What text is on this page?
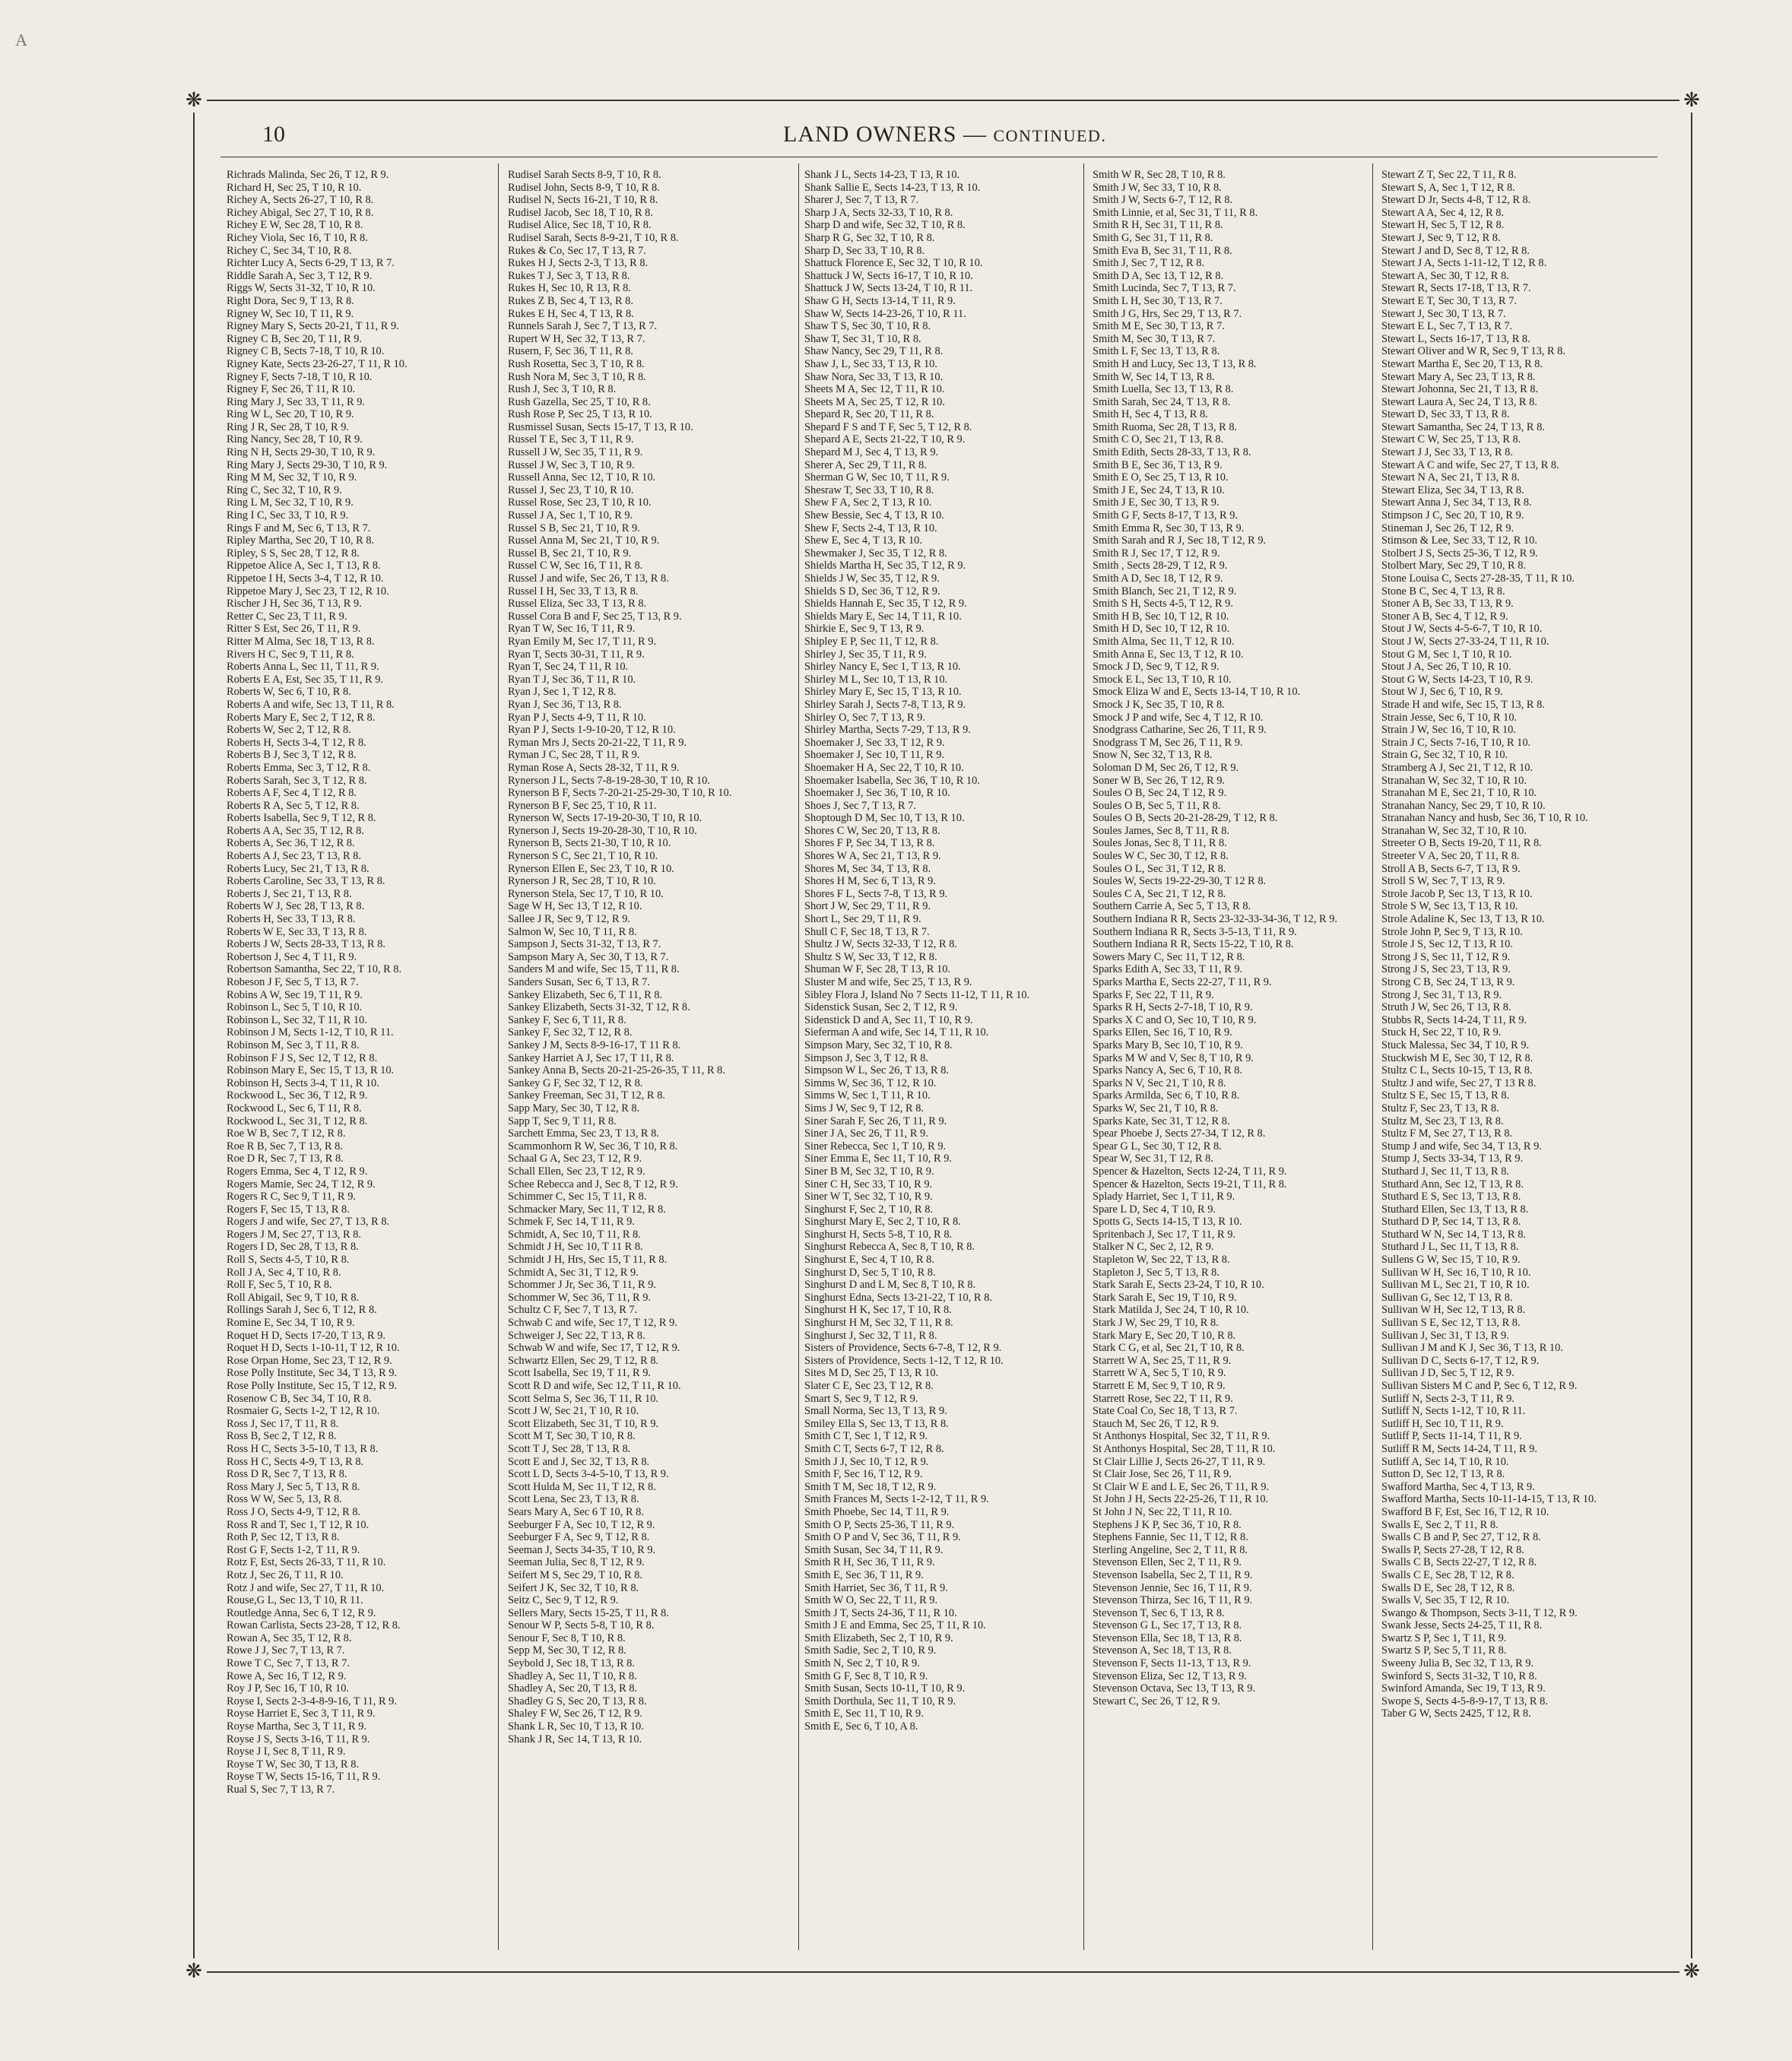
A
❋	❋
❋	❋
10	LAND OWNERS — CONTINUED.
Richrads Malinda, Sec 26, T 12, R 9.
Richard H, Sec 25, T 10, R 10.
Richey A, Sects 26-27, T 10, R 8.
Richey Abigal, Sec 27, T 10, R 8.
Richey E W, Sec 28, T 10, R 8.
Richey Viola, Sec 16, T 10, R 8.
Richey C, Sec 34, T 10, R 8.
Richter Lucy A, Sects 6-29, T 13, R 7.
Riddle Sarah A, Sec 3, T 12, R 9.
Riggs W, Sects 31-32, T 10, R 10.
Right Dora, Sec 9, T 13, R 8.
Rigney W, Sec 10, T 11, R 9.
Rigney Mary S, Sects 20-21, T 11, R 9.
Rigney C B, Sec 20, T 11, R 9.
Rigney C B, Sects 7-18, T 10, R 10.
Rigney Kate, Sects 23-26-27, T 11, R 10.
Rigney F, Sects 7-18, T 10, R 10.
Rigney F, Sec 26, T 11, R 10.
Ring Mary J, Sec 33, T 11, R 9.
Ring W L, Sec 20, T 10, R 9.
Ring J R, Sec 28, T 10, R 9.
Ring Nancy, Sec 28, T 10, R 9.
Ring N H, Sects 29-30, T 10, R 9.
Ring Mary J, Sects 29-30, T 10, R 9.
Ring M M, Sec 32, T 10, R 9.
Ring C, Sec 32, T 10, R 9.
Ring L M, Sec 32, T 10, R 9.
Ring I C, Sec 33, T 10, R 9.
Rings F and M, Sec 6, T 13, R 7.
Ripley Martha, Sec 20, T 10, R 8.
Ripley, S S, Sec 28, T 12, R 8.
Rippetoe Alice A, Sec 1, T 13, R 8.
Rippetoe I H, Sects 3-4, T 12, R 10.
Rippetoe Mary J, Sec 23, T 12, R 10.
Rischer J H, Sec 36, T 13, R 9.
Retter C, Sec 23, T 11, R 9.
Ritter S Est, Sec 26, T 11, R 9.
Ritter M Alma, Sec 18, T 13, R 8.
Rivers H C, Sec 9, T 11, R 8.
Roberts Anna L, Sec 11, T 11, R 9.
Roberts E A, Est, Sec 35, T 11, R 9.
Roberts W, Sec 6, T 10, R 8.
Roberts A and wife, Sec 13, T 11, R 8.
Roberts Mary E, Sec 2, T 12, R 8.
Roberts W, Sec 2, T 12, R 8.
Roberts H, Sects 3-4, T 12, R 8.
Roberts B J, Sec 3, T 12, R 8.
Roberts Emma, Sec 3, T 12, R 8.
Roberts Sarah, Sec 3, T 12, R 8.
Roberts A F, Sec 4, T 12, R 8.
Roberts R A, Sec 5, T 12, R 8.
Roberts Isabella, Sec 9, T 12, R 8.
Roberts A A, Sec 35, T 12, R 8.
Roberts A, Sec 36, T 12, R 8.
Roberts A J, Sec 23, T 13, R 8.
Roberts Lucy, Sec 21, T 13, R 8.
Roberts Caroline, Sec 33, T 13, R 8.
Roberts J, Sec 21, T 13, R 8.
Roberts W J, Sec 28, T 13, R 8.
Roberts H, Sec 33, T 13, R 8.
Roberts W E, Sec 33, T 13, R 8.
Roberts J W, Sects 28-33, T 13, R 8.
Robertson J, Sec 4, T 11, R 9.
Robertson Samantha, Sec 22, T 10, R 8.
Robeson J F, Sec 5, T 13, R 7.
Robins A W, Sec 19, T 11, R 9.
Robinson L, Sec 5, T 10, R 10.
Robinson L, Sec 32, T 11, R 10.
Robinson J M, Sects 1-12, T 10, R 11.
Robinson M, Sec 3, T 11, R 8.
Robinson F J S, Sec 12, T 12, R 8.
Robinson Mary E, Sec 15, T 13, R 10.
Robinson H, Sects 3-4, T 11, R 10.
Rockwood L, Sec 36, T 12, R 9.
Rockwood L, Sec 6, T 11, R 8.
Rockwood L, Sec 31, T 12, R 8.
Roe W B, Sec 7, T 12, R 8.
Roe R B, Sec 7, T 13, R 8.
Roe D R, Sec 7, T 13, R 8.
Rogers Emma, Sec 4, T 12, R 9.
Rogers Mamie, Sec 24, T 12, R 9.
Rogers R C, Sec 9, T 11, R 9.
Rogers F, Sec 15, T 13, R 8.
Rogers J and wife, Sec 27, T 13, R 8.
Rogers J M, Sec 27, T 13, R 8.
Rogers I D, Sec 28, T 13, R 8.
Roll S, Sects 4-5, T 10, R 8.
Roll J A, Sec 4, T 10, R 8.
Roll F, Sec 5, T 10, R 8.
Roll Abigail, Sec 9, T 10, R 8.
Rollings Sarah J, Sec 6, T 12, R 8.
Romine E, Sec 34, T 10, R 9.
Roquet H D, Sects 17-20, T 13, R 9.
Roquet H D, Sects 1-10-11, T 12, R 10.
Rose Orpan Home, Sec 23, T 12, R 9.
Rose Polly Institute, Sec 34, T 13, R 9.
Rose Polly Institute, Sec 15, T 12, R 9.
Rosenow C B, Sec 34, T 10, R 8.
Rosmaier G, Sects 1-2, T 12, R 10.
Ross J, Sec 17, T 11, R 8.
Ross B, Sec 2, T 12, R 8.
Ross H C, Sects 3-5-10, T 13, R 8.
Ross H C, Sects 4-9, T 13, R 8.
Ross D R, Sec 7, T 13, R 8.
Ross Mary J, Sec 5, T 13, R 8.
Ross W W, Sec 5, 13, R 8.
Ross J O, Sects 4-9, T 12, R 8.
Ross R and T, Sec 1, T 12, R 10.
Roth P, Sec 12, T 13, R 8.
Rost G F, Sects 1-2, T 11, R 9.
Rotz F, Est, Sects 26-33, T 11, R 10.
Rotz J, Sec 26, T 11, R 10.
Rotz J and wife, Sec 27, T 11, R 10.
Rouse,G L, Sec 13, T 10, R 11.
Routledge Anna, Sec 6, T 12, R 9.
Rowan Carlista, Sects 23-28, T 12, R 8.
Rowan A, Sec 35, T 12, R 8.
Rowe J J, Sec 7, T 13, R 7.
Rowe T C, Sec 7, T 13, R 7.
Rowe A, Sec 16, T 12, R 9.
Roy J P, Sec 16, T 10, R 10.
Royse I, Sects 2-3-4-8-9-16, T 11, R 9.
Royse Harriet E, Sec 3, T 11, R 9.
Royse Martha, Sec 3, T 11, R 9.
Royse J S, Sects 3-16, T 11, R 9.
Royse J I, Sec 8, T 11, R 9.
Royse T W, Sec 30, T 13, R 8.
Royse T W, Sects 15-16, T 11, R 9.
Rual S, Sec 7, T 13, R 7.
Rudisel Sarah Sects 8-9, T 10, R 8.
Rudisel John, Sects 8-9, T 10, R 8.
Rudisel N, Sects 16-21, T 10, R 8.
Rudisel Jacob, Sec 18, T 10, R 8.
Rudisel Alice, Sec 18, T 10, R 8.
Rudisel Sarah, Sects 8-9-21, T 10, R 8.
Rukes & Co, Sec 17, T 13, R 7.
Rukes H J, Sects 2-3, T 13, R 8.
Rukes T J, Sec 3, T 13, R 8.
Rukes H, Sec 10, R 13, R 8.
Rukes Z B, Sec 4, T 13, R 8.
Rukes E H, Sec 4, T 13, R 8.
Runnels Sarah J, Sec 7, T 13, R 7.
Rupert W H, Sec 32, T 13, R 7.
Rusern, F, Sec 36, T 11, R 8.
Rush Rosetta, Sec 3, T 10, R 8.
Rush Nora M, Sec 3, T 10, R 8.
Rush J, Sec 3, T 10, R 8.
Rush Gazella, Sec 25, T 10, R 8.
Rush Rose P, Sec 25, T 13, R 10.
Rusmissel Susan, Sects 15-17, T 13, R 10.
Russel T E, Sec 3, T 11, R 9.
Russell J W, Sec 35, T 11, R 9.
Russel J W, Sec 3, T 10, R 9.
Russell Anna, Sec 12, T 10, R 10.
Russel J, Sec 23, T 10, R 10.
Russel Rose, Sec 23, T 10, R 10.
Russel J A, Sec 1, T 10, R 9.
Russel S B, Sec 21, T 10, R 9.
Russel Anna M, Sec 21, T 10, R 9.
Russel B, Sec 21, T 10, R 9.
Russel C W, Sec 16, T 11, R 8.
Russel J and wife, Sec 26, T 13, R 8.
Russel I H, Sec 33, T 13, R 8.
Russel Eliza, Sec 33, T 13, R 8.
Russel Cora B and F, Sec 25, T 13, R 9.
Ryan T W, Sec 16, T 11, R 9.
Ryan Emily M, Sec 17, T 11, R 9.
Ryan T, Sects 30-31, T 11, R 9.
Ryan T, Sec 24, T 11, R 10.
Ryan T J, Sec 36, T 11, R 10.
Ryan J, Sec 1, T 12, R 8.
Ryan J, Sec 36, T 13, R 8.
Ryan P J, Sects 4-9, T 11, R 10.
Ryan P J, Sects 1-9-10-20, T 12, R 10.
Ryman Mrs J, Sects 20-21-22, T 11, R 9.
Ryman J C, Sec 28, T 11, R 9.
Ryman Rose A, Sects 28-32, T 11, R 9.
Rynerson J L, Sects 7-8-19-28-30, T 10, R 10.
Rynerson B F, Sects 7-20-21-25-29-30, T 10, R 10.
Rynerson B F, Sec 25, T 10, R 11.
Rynerson W, Sects 17-19-20-30, T 10, R 10.
Rynerson J, Sects 19-20-28-30, T 10, R 10.
Rynerson B, Sects 21-30, T 10, R 10.
Rynerson S C, Sec 21, T 10, R 10.
Rynerson Ellen E, Sec 23, T 10, R 10.
Rynerson J R, Sec 28, T 10, R 10.
Rynerson Stela, Sec 17, T 10, R 10.
Sage W H, Sec 13, T 12, R 10.
Sallee J R, Sec 9, T 12, R 9.
Salmon W, Sec 10, T 11, R 8.
Sampson J, Sects 31-32, T 13, R 7.
Sampson Mary A, Sec 30, T 13, R 7.
Sanders M and wife, Sec 15, T 11, R 8.
Sanders Susan, Sec 6, T 13, R 7.
Sankey Elizabeth, Sec 6, T 11, R 8.
Sankey Elizabeth, Sects 31-32, T 12, R 8.
Sankey F, Sec 6, T 11, R 8.
Sankey F, Sec 32, T 12, R 8.
Sankey J M, Sects 8-9-16-17, T 11 R 8.
Sankey Harriet A J, Sec 17, T 11, R 8.
Sankey Anna B, Sects 20-21-25-26-35, T 11, R 8.
Sankey G F, Sec 32, T 12, R 8.
Sankey Freeman, Sec 31, T 12, R 8.
Sapp Mary, Sec 30, T 12, R 8.
Sapp T, Sec 9, T 11, R 8.
Sarchett Emma, Sec 23, T 13, R 8.
Scammonhorn R W, Sec 36, T 10, R 8.
Schaal G A, Sec 23, T 12, R 9.
Schall Ellen, Sec 23, T 12, R 9.
Schee Rebecca and J, Sec 8, T 12, R 9.
Schimmer C, Sec 15, T 11, R 8.
Schmacker Mary, Sec 11, T 12, R 8.
Schmek F, Sec 14, T 11, R 9.
Schmidt, A, Sec 10, T 11, R 8.
Schmidt J H, Sec 10, T 11 R 8.
Schmidt J H, Hrs, Sec 15, T 11, R 8.
Schmidt A, Sec 31, T 12, R 9.
Schommer J Jr, Sec 36, T 11, R 9.
Schommer W, Sec 36, T 11, R 9.
Schultz C F, Sec 7, T 13, R 7.
Schwab C and wife, Sec 17, T 12, R 9.
Schweiger J, Sec 22, T 13, R 8.
Schwab W and wife, Sec 17, T 12, R 9.
Schwartz Ellen, Sec 29, T 12, R 8.
Scott Isabella, Sec 19, T 11, R 9.
Scott R D and wife, Sec 12, T 11, R 10.
Scott Selma S, Sec 36, T 11, R 10.
Scott J W, Sec 21, T 10, R 10.
Scott Elizabeth, Sec 31, T 10, R 9.
Scott M T, Sec 30, T 10, R 8.
Scott T J, Sec 28, T 13, R 8.
Scott E and J, Sec 32, T 13, R 8.
Scott L D, Sects 3-4-5-10, T 13, R 9.
Scott Hulda M, Sec 11, T 12, R 8.
Scott Lena, Sec 23, T 13, R 8.
Sears Mary A, Sec 6 T 10, R 8.
Seeburger F A, Sec 10, T 12, R 9.
Seeburger F A, Sec 9, T 12, R 8.
Seeman J, Sects 34-35, T 10, R 9.
Seeman Julia, Sec 8, T 12, R 9.
Seifert M S, Sec 29, T 10, R 8.
Seifert J K, Sec 32, T 10, R 8.
Seitz C, Sec 9, T 12, R 9.
Sellers Mary, Sects 15-25, T 11, R 8.
Senour W P, Sects 5-8, T 10, R 8.
Senour F, Sec 8, T 10, R 8.
Sepp M, Sec 30, T 12, R 8.
Seybold J, Sec 18, T 13, R 8.
Shadley A, Sec 11, T 10, R 8.
Shadley A, Sec 20, T 13, R 8.
Shadley G S, Sec 20, T 13, R 8.
Shaley F W, Sec 26, T 12, R 9.
Shank L R, Sec 10, T 13, R 10.
Shank J R, Sec 14, T 13, R 10.
Shank J L, Sects 14-23, T 13, R 10.
Shank Sallie E, Sects 14-23, T 13, R 10.
Sharer J, Sec 7, T 13, R 7.
Sharp J A, Sects 32-33, T 10, R 8.
Sharp D and wife, Sec 32, T 10, R 8.
Sharp R G, Sec 32, T 10, R 8.
Sharp D, Sec 33, T 10, R 8.
Shattuck Florence E, Sec 32, T 10, R 10.
Shattuck J W, Sects 16-17, T 10, R 10.
Shattuck J W, Sects 13-24, T 10, R 11.
Shaw G H, Sects 13-14, T 11, R 9.
Shaw W, Sects 14-23-26, T 10, R 11.
Shaw T S, Sec 30, T 10, R 8.
Shaw T, Sec 31, T 10, R 8.
Shaw Nancy, Sec 29, T 11, R 8.
Shaw J, L, Sec 33, T 13, R 10.
Shaw Nora, Sec 33, T 13, R 10.
Sheets M A, Sec 12, T 11, R 10.
Sheets M A, Sec 25, T 12, R 10.
Shepard R, Sec 20, T 11, R 8.
Shepard F S and T F, Sec 5, T 12, R 8.
Shepard A E, Sects 21-22, T 10, R 9.
Shepard M J, Sec 4, T 13, R 9.
Sherer A, Sec 29, T 11, R 8.
Sherman G W, Sec 10, T 11, R 9.
Shesraw T, Sec 33, T 10, R 8.
Shew F A, Sec 2, T 13, R 10.
Shew Bessie, Sec 4, T 13, R 10.
Shew F, Sects 2-4, T 13, R 10.
Shew E, Sec 4, T 13, R 10.
Shewmaker J, Sec 35, T 12, R 8.
Shields Martha H, Sec 35, T 12, R 9.
Shields J W, Sec 35, T 12, R 9.
Shields S D, Sec 36, T 12, R 9.
Shields Hannah E, Sec 35, T 12, R 9.
Shields Mary E, Sec 14, T 11, R 10.
Shirkie E, Sec 9, T 13, R 9.
Shipley E P, Sec 11, T 12, R 8.
Shirley J, Sec 35, T 11, R 9.
Shirley Nancy E, Sec 1, T 13, R 10.
Shirley M L, Sec 10, T 13, R 10.
Shirley Mary E, Sec 15, T 13, R 10.
Shirley Sarah J, Sects 7-8, T 13, R 9.
Shirley O, Sec 7, T 13, R 9.
Shirley Martha, Sects 7-29, T 13, R 9.
Shoemaker J, Sec 33, T 12, R 9.
Shoemaker J, Sec 10, T 11, R 9.
Shoemaker H A, Sec 22, T 10, R 10.
Shoemaker Isabella, Sec 36, T 10, R 10.
Shoemaker J, Sec 36, T 10, R 10.
Shoes J, Sec 7, T 13, R 7.
Shoptough D M, Sec 10, T 13, R 10.
Shores C W, Sec 20, T 13, R 8.
Shores F P, Sec 34, T 13, R 8.
Shores W A, Sec 21, T 13, R 9.
Shores M, Sec 34, T 13, R 8.
Shores H M, Sec 6, T 13, R 9.
Shores F L, Sects 7-8, T 13, R 9.
Short J W, Sec 29, T 11, R 9.
Short L, Sec 29, T 11, R 9.
Shull C F, Sec 18, T 13, R 7.
Shultz J W, Sects 32-33, T 12, R 8.
Shultz S W, Sec 33, T 12, R 8.
Shuman W F, Sec 28, T 13, R 10.
Sluster M and wife, Sec 25, T 13, R 9.
Sibley Flora J, Island No 7 Sects 11-12, T 11, R 10.
Sidenstick Susan, Sec 2, T 12, R 9.
Sidenstick D and A, Sec 11, T 10, R 9.
Sieferman A and wife, Sec 14, T 11, R 10.
Simpson Mary, Sec 32, T 10, R 8.
Simpson J, Sec 3, T 12, R 8.
Simpson W L, Sec 26, T 13, R 8.
Simms W, Sec 36, T 12, R 10.
Simms W, Sec 1, T 11, R 10.
Sims J W, Sec 9, T 12, R 8.
Siner Sarah F, Sec 26, T 11, R 9.
Siner J A, Sec 26, T 11, R 9.
Siner Rebecca, Sec 1, T 10, R 9.
Siner Emma E, Sec 11, T 10, R 9.
Siner B M, Sec 32, T 10, R 9.
Siner C H, Sec 33, T 10, R 9.
Siner W T, Sec 32, T 10, R 9.
Singhurst F, Sec 2, T 10, R 8.
Singhurst Mary E, Sec 2, T 10, R 8.
Singhurst H, Sects 5-8, T 10, R 8.
Singhurst Rebecca A, Sec 8, T 10, R 8.
Singhurst E, Sec 4, T 10, R 8.
Singhurst D, Sec 5, T 10, R 8.
Singhurst D and L M, Sec 8, T 10, R 8.
Singhurst Edna, Sects 13-21-22, T 10, R 8.
Singhurst H K, Sec 17, T 10, R 8.
Singhurst H M, Sec 32, T 11, R 8.
Singhurst J, Sec 32, T 11, R 8.
Sisters of Providence, Sects 6-7-8, T 12, R 9.
Sisters of Providence, Sects 1-12, T 12, R 10.
Sites M D, Sec 25, T 13, R 10.
Slater C E, Sec 23, T 12, R 8.
Smart S, Sec 9, T 12, R 9.
Small Norma, Sec 13, T 13, R 9.
Smiley Ella S, Sec 13, T 13, R 8.
Smith C T, Sec 1, T 12, R 9.
Smith C T, Sects 6-7, T 12, R 8.
Smith J J, Sec 10, T 12, R 9.
Smith F, Sec 16, T 12, R 9.
Smith T M, Sec 18, T 12, R 9.
Smith Frances M, Sects 1-2-12, T 11, R 9.
Smith Phoebe, Sec 14, T 11, R 9.
Smith O P, Sects 25-36, T 11, R 9.
Smith O P and V, Sec 36, T 11, R 9.
Smith Susan, Sec 34, T 11, R 9.
Smith R H, Sec 36, T 11, R 9.
Smith E, Sec 36, T 11, R 9.
Smith Harriet, Sec 36, T 11, R 9.
Smith W O, Sec 22, T 11, R 9.
Smith J T, Sects 24-36, T 11, R 10.
Smith J E and Emma, Sec 25, T 11, R 10.
Smith Elizabeth, Sec 2, T 10, R 9.
Smith Sadie, Sec 2, T 10, R 9.
Smith N, Sec 2, T 10, R 9.
Smith G F, Sec 8, T 10, R 9.
Smith Susan, Sects 10-11, T 10, R 9.
Smith Dorthula, Sec 11, T 10, R 9.
Smith E, Sec 11, T 10, R 9.
Smith E, Sec 6, T 10, A 8.
Smith W R, Sec 28, T 10, R 8.
Smith J W, Sec 33, T 10, R 8.
Smith J W, Sects 6-7, T 12, R 8.
Smith Linnie, et al, Sec 31, T 11, R 8.
Smith R H, Sec 31, T 11, R 8.
Smith G, Sec 31, T 11, R 8.
Smith Eva B, Sec 31, T 11, R 8.
Smith J, Sec 7, T 12, R 8.
Smith D A, Sec 13, T 12, R 8.
Smith Lucinda, Sec 7, T 13, R 7.
Smith L H, Sec 30, T 13, R 7.
Smith J G, Hrs, Sec 29, T 13, R 7.
Smith M E, Sec 30, T 13, R 7.
Smith M, Sec 30, T 13, R 7.
Smith L F, Sec 13, T 13, R 8.
Smith H and Lucy, Sec 13, T 13, R 8.
Smith W, Sec 14, T 13, R 8.
Smith Luella, Sec 13, T 13, R 8.
Smith Sarah, Sec 24, T 13, R 8.
Smith H, Sec 4, T 13, R 8.
Smith Ruoma, Sec 28, T 13, R 8.
Smith C O, Sec 21, T 13, R 8.
Smith Edith, Sects 28-33, T 13, R 8.
Smith B E, Sec 36, T 13, R 9.
Smith E O, Sec 25, T 13, R 10.
Smith J E, Sec 24, T 13, R 10.
Smith J E, Sec 30, T 13, R 9.
Smith G F, Sects 8-17, T 13, R 9.
Smith Emma R, Sec 30, T 13, R 9.
Smith Sarah and R J, Sec 18, T 12, R 9.
Smith R J, Sec 17, T 12, R 9.
Smith , Sects 28-29, T 12, R 9.
Smith A D, Sec 18, T 12, R 9.
Smith Blanch, Sec 21, T 12, R 9.
Smith S H, Sects 4-5, T 12, R 9.
Smith H B, Sec 10, T 12, R 10.
Smith H D, Sec 10, T 12, R 10.
Smith Alma, Sec 11, T 12, R 10.
Smith Anna E, Sec 13, T 12, R 10.
Smock J D, Sec 9, T 12, R 9.
Smock E L, Sec 13, T 10, R 10.
Smock Eliza W and E, Sects 13-14, T 10, R 10.
Smock J K, Sec 35, T 10, R 8.
Smock J P and wife, Sec 4, T 12, R 10.
Snodgrass Catharine, Sec 26, T 11, R 9.
Snodgrass T M, Sec 26, T 11, R 9.
Snow N, Sec 32, T 13, R 8.
Soloman D M, Sec 26, T 12, R 9.
Soner W B, Sec 26, T 12, R 9.
Soules O B, Sec 24, T 12, R 9.
Soules O B, Sec 5, T 11, R 8.
Soules O B, Sects 20-21-28-29, T 12, R 8.
Soules James, Sec 8, T 11, R 8.
Soules Jonas, Sec 8, T 11, R 8.
Soules W C, Sec 30, T 12, R 8.
Soules O L, Sec 31, T 12, R 8.
Soules W, Sects 19-22-29-30, T 12 R 8.
Soules C A, Sec 21, T 12, R 8.
Southern Carrie A, Sec 5, T 13, R 8.
Southern Indiana R R, Sects 23-32-33-34-36, T 12, R 9.
Southern Indiana R R, Sects 3-5-13, T 11, R 9.
Southern Indiana R R, Sects 15-22, T 10, R 8.
Sowers Mary C, Sec 11, T 12, R 8.
Sparks Edith A, Sec 33, T 11, R 9.
Sparks Martha E, Sects 22-27, T 11, R 9.
Sparks F, Sec 22, T 11, R 9.
Sparks R H, Sects 2-7-18, T 10, R 9.
Sparks X C and O, Sec 10, T 10, R 9.
Sparks Ellen, Sec 16, T 10, R 9.
Sparks Mary B, Sec 10, T 10, R 9.
Sparks M W and V, Sec 8, T 10, R 9.
Sparks Nancy A, Sec 6, T 10, R 8.
Sparks N V, Sec 21, T 10, R 8.
Sparks Armilda, Sec 6, T 10, R 8.
Sparks W, Sec 21, T 10, R 8.
Sparks Kate, Sec 31, T 12, R 8.
Spear Phoebe J, Sects 27-34, T 12, R 8.
Spear G L, Sec 30, T 12, R 8.
Spear W, Sec 31, T 12, R 8.
Spencer & Hazelton, Sects 12-24, T 11, R 9.
Spencer & Hazelton, Sects 19-21, T 11, R 8.
Splady Harriet, Sec 1, T 11, R 9.
Spare L D, Sec 4, T 10, R 9.
Spotts G, Sects 14-15, T 13, R 10.
Spritenbach J, Sec 17, T 11, R 9.
Stalker N C, Sec 2, 12, R 9.
Stapleton W, Sec 22, T 13, R 8.
Stapleton J, Sec 5, T 13, R 8.
Stark Sarah E, Sects 23-24, T 10, R 10.
Stark Sarah E, Sec 19, T 10, R 9.
Stark Matilda J, Sec 24, T 10, R 10.
Stark J W, Sec 29, T 10, R 8.
Stark Mary E, Sec 20, T 10, R 8.
Stark C G, et al, Sec 21, T 10, R 8.
Starrett W A, Sec 25, T 11, R 9.
Starrett W A, Sec 5, T 10, R 9.
Starrett E M, Sec 9, T 10, R 9.
Starrett Rose, Sec 22, T 11, R 9.
State Coal Co, Sec 18, T 13, R 7.
Stauch M, Sec 26, T 12, R 9.
St Anthonys Hospital, Sec 32, T 11, R 9.
St Anthonys Hospital, Sec 28, T 11, R 10.
St Clair Lillie J, Sects 26-27, T 11, R 9.
St Clair Jose, Sec 26, T 11, R 9.
St Clair W E and L E, Sec 26, T 11, R 9.
St John J H, Sects 22-25-26, T 11, R 10.
St John J N, Sec 22, T 11, R 10.
Stephens J K P, Sec 36, T 10, R 8.
Stephens Fannie, Sec 11, T 12, R 8.
Sterling Angeline, Sec 2, T 11, R 8.
Stevenson Ellen, Sec 2, T 11, R 9.
Stevenson Isabella, Sec 2, T 11, R 9.
Stevenson Jennie, Sec 16, T 11, R 9.
Stevenson Thirza, Sec 16, T 11, R 9.
Stevenson T, Sec 6, T 13, R 8.
Stevenson G L, Sec 17, T 13, R 8.
Stevenson Ella, Sec 18, T 13, R 8.
Stevenson A, Sec 18, T 13, R 8.
Stevenson F, Sects 11-13, T 13, R 9.
Stevenson Eliza, Sec 12, T 13, R 9.
Stevenson Octava, Sec 13, T 13, R 9.
Stewart C, Sec 26, T 12, R 9.
Stewart Z T, Sec 22, T 11, R 8.
Stewart S, A, Sec 1, T 12, R 8.
Stewart D Jr, Sects 4-8, T 12, R 8.
Stewart A A, Sec 4, 12, R 8.
Stewart H, Sec 5, T 12, R 8.
Stewart J, Sec 9, T 12, R 8.
Stewart J and D, Sec 8, T 12, R 8.
Stewart J A, Sects 1-11-12, T 12, R 8.
Stewart A, Sec 30, T 12, R 8.
Stewart R, Sects 17-18, T 13, R 7.
Stewart E T, Sec 30, T 13, R 7.
Stewart J, Sec 30, T 13, R 7.
Stewart E L, Sec 7, T 13, R 7.
Stewart L, Sects 16-17, T 13, R 8.
Stewart Oliver and W R, Sec 9, T 13, R 8.
Stewart Martha E, Sec 20, T 13, R 8.
Stewart Mary A, Sec 23, T 13, R 8.
Stewart Johonna, Sec 21, T 13, R 8.
Stewart Laura A, Sec 24, T 13, R 8.
Stewart D, Sec 33, T 13, R 8.
Stewart Samantha, Sec 24, T 13, R 8.
Stewart C W, Sec 25, T 13, R 8.
Stewart J J, Sec 33, T 13, R 8.
Stewart A C and wife, Sec 27, T 13, R 8.
Stewart N A, Sec 21, T 13, R 8.
Stewart Eliza, Sec 34, T 13, R 8.
Stewart Anna J, Sec 34, T 13, R 8.
Stimpson J C, Sec 20, T 10, R 9.
Stineman J, Sec 26, T 12, R 9.
Stimson & Lee, Sec 33, T 12, R 10.
Stolbert J S, Sects 25-36, T 12, R 9.
Stolbert Mary, Sec 29, T 10, R 8.
Stone Louisa C, Sects 27-28-35, T 11, R 10.
Stone B C, Sec 4, T 13, R 8.
Stoner A B, Sec 33, T 13, R 9.
Stoner A B, Sec 4, T 12, R 9.
Stout J W, Sects 4-5-6-7, T 10, R 10.
Stout J W, Sects 27-33-24, T 11, R 10.
Stout G M, Sec 1, T 10, R 10.
Stout J A, Sec 26, T 10, R 10.
Stout G W, Sects 14-23, T 10, R 9.
Stout W J, Sec 6, T 10, R 9.
Strade H and wife, Sec 15, T 13, R 8.
Strain Jesse, Sec 6, T 10, R 10.
Strain J W, Sec 16, T 10, R 10.
Strain J C, Sects 7-16, T 10, R 10.
Strain G, Sec 32, T 10, R 10.
Stramberg A J, Sec 21, T 12, R 10.
Stranahan W, Sec 32, T 10, R 10.
Stranahan M E, Sec 21, T 10, R 10.
Stranahan Nancy, Sec 29, T 10, R 10.
Stranahan Nancy and husb, Sec 36, T 10, R 10.
Stranahan W, Sec 32, T 10, R 10.
Streeter O B, Sects 19-20, T 11, R 8.
Streeter V A, Sec 20, T 11, R 8.
Stroll A B, Sects 6-7, T 13, R 9.
Stroll S W, Sec 7, T 13, R 9.
Strole Jacob P, Sec 13, T 13, R 10.
Strole S W, Sec 13, T 13, R 10.
Strole Adaline K, Sec 13, T 13, R 10.
Strole John P, Sec 9, T 13, R 10.
Strole J S, Sec 12, T 13, R 10.
Strong J S, Sec 11, T 12, R 9.
Strong J S, Sec 23, T 13, R 9.
Strong C B, Sec 24, T 13, R 9.
Strong J, Sec 31, T 13, R 9.
Struth J W, Sec 26, T 13, R 8.
Stubbs R, Sects 14-24, T 11, R 9.
Stuck H, Sec 22, T 10, R 9.
Stuck Malessa, Sec 34, T 10, R 9.
Stuckwish M E, Sec 30, T 12, R 8.
Stultz C L, Sects 10-15, T 13, R 8.
Stultz J and wife, Sec 27, T 13 R 8.
Stultz S E, Sec 15, T 13, R 8.
Stultz F, Sec 23, T 13, R 8.
Stultz M, Sec 23, T 13, R 8.
Stultz F M, Sec 27, T 13, R 8.
Stump J and wife, Sec 34, T 13, R 9.
Stump J, Sects 33-34, T 13, R 9.
Stuthard J, Sec 11, T 13, R 8.
Stuthard Ann, Sec 12, T 13, R 8.
Stuthard E S, Sec 13, T 13, R 8.
Stuthard Ellen, Sec 13, T 13, R 8.
Stuthard D P, Sec 14, T 13, R 8.
Stuthard W N, Sec 14, T 13, R 8.
Stuthard J L, Sec 11, T 13, R 8.
Sullens G W, Sec 15, T 10, R 9.
Sullivan W H, Sec 16, T 10, R 10.
Sullivan M L, Sec 21, T 10, R 10.
Sullivan G, Sec 12, T 13, R 8.
Sullivan W H, Sec 12, T 13, R 8.
Sullivan S E, Sec 12, T 13, R 8.
Sullivan J, Sec 31, T 13, R 9.
Sullivan J M and K J, Sec 36, T 13, R 10.
Sullivan D C, Sects 6-17, T 12, R 9.
Sullivan J D, Sec 5, T 12, R 9.
Sullivan Sisters M C and P, Sec 6, T 12, R 9.
Sutliff N, Sects 2-3, T 11, R 9.
Sutliff N, Sects 1-12, T 10, R 11.
Sutliff H, Sec 10, T 11, R 9.
Sutliff P, Sects 11-14, T 11, R 9.
Sutliff R M, Sects 14-24, T 11, R 9.
Sutliff A, Sec 14, T 10, R 10.
Sutton D, Sec 12, T 13, R 8.
Swafford Martha, Sec 4, T 13, R 9.
Swafford Martha, Sects 10-11-14-15, T 13, R 10.
Swafford B F, Est, Sec 16, T 12, R 10.
Swalls E, Sec 2, T 11, R 8.
Swalls C B and P, Sec 27, T 12, R 8.
Swalls P, Sects 27-28, T 12, R 8.
Swalls C B, Sects 22-27, T 12, R 8.
Swalls C E, Sec 28, T 12, R 8.
Swalls D E, Sec 28, T 12, R 8.
Swalls V, Sec 35, T 12, R 10.
Swango & Thompson, Sects 3-11, T 12, R 9.
Swank Jesse, Sects 24-25, T 11, R 8.
Swartz S P, Sec 1, T 11, R 9.
Swartz S P, Sec 5, T 11, R 8.
Sweeny Julia B, Sec 32, T 13, R 9.
Swinford S, Sects 31-32, T 10, R 8.
Swinford Amanda, Sec 19, T 13, R 9.
Swope S, Sects 4-5-8-9-17, T 13, R 8.
Taber G W, Sects 2425, T 12, R 8.
